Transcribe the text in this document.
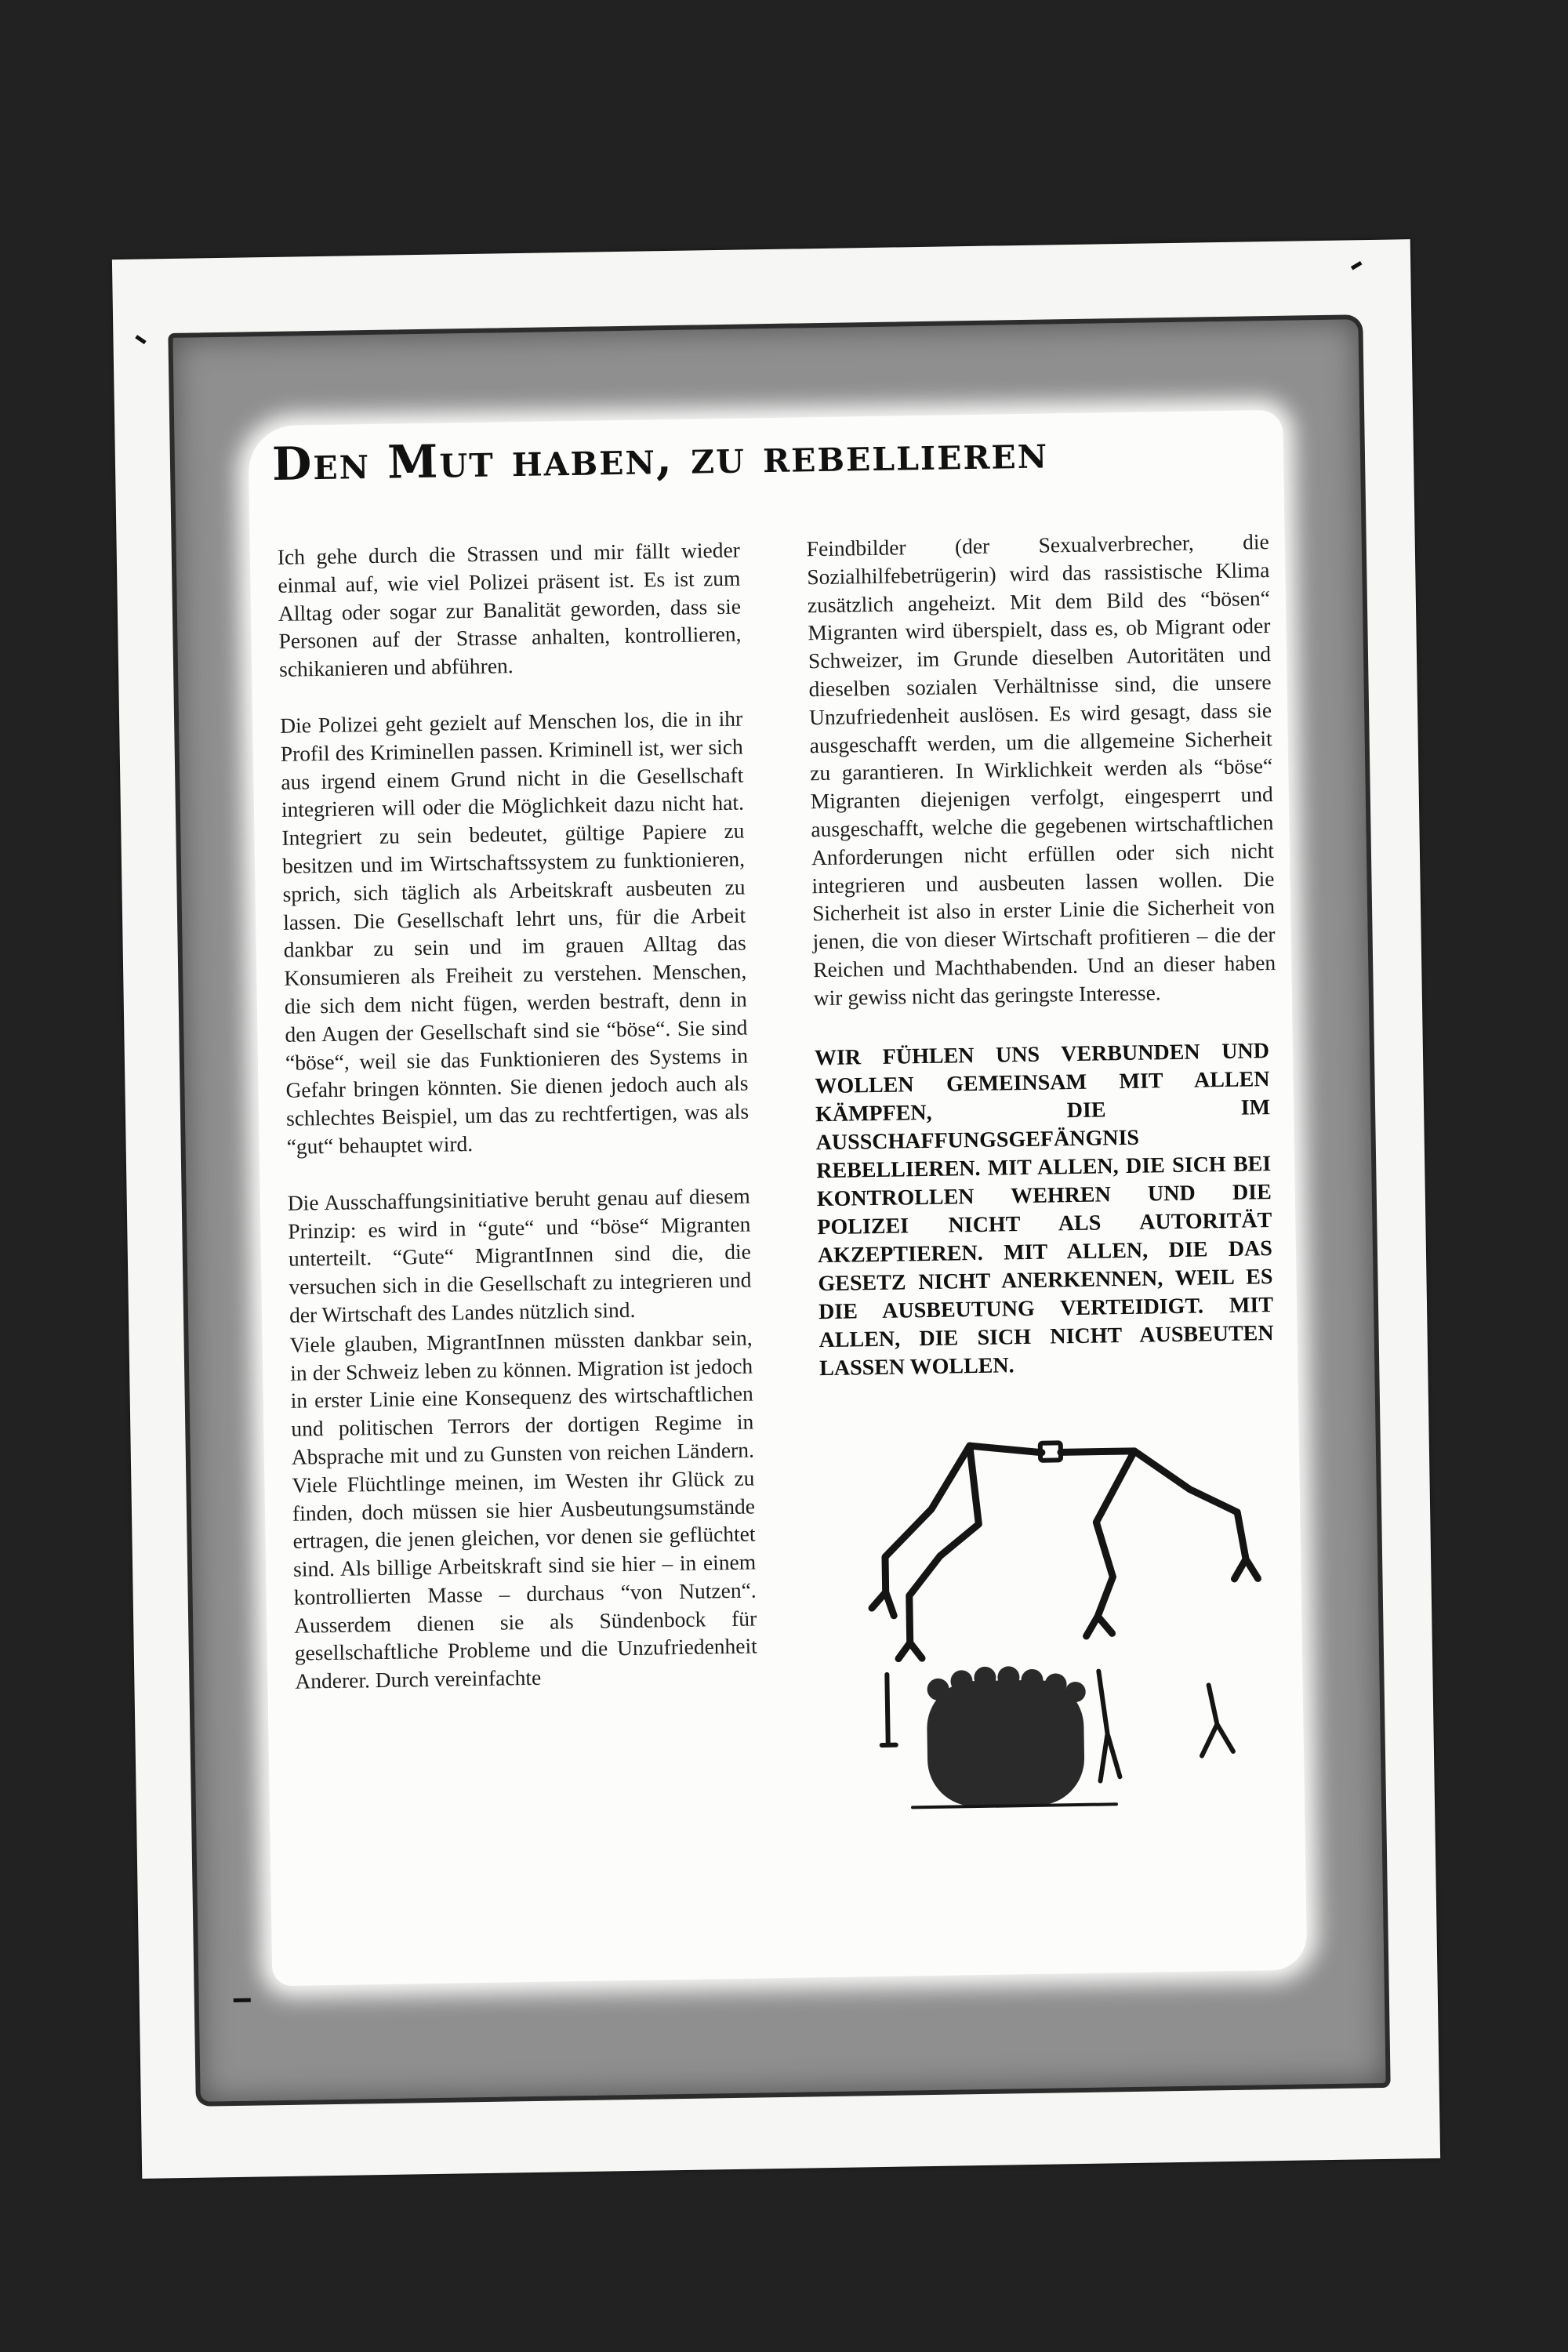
Den Mut haben, zu rebellieren

Ich gehe durch die Strassen und mir fällt wieder einmal auf, wie viel Polizei präsent ist. Es ist zum Alltag oder sogar zur Banalität geworden, dass sie Personen auf der Strasse anhalten, kontrollieren, schikanieren und abführen.

Die Polizei geht gezielt auf Menschen los, die in ihr Profil des Kriminellen passen. Kriminell ist, wer sich aus irgend einem Grund nicht in die Gesellschaft integrieren will oder die Möglichkeit dazu nicht hat. Integriert zu sein bedeutet, gültige Papiere zu besitzen und im Wirtschaftssystem zu funktionieren, sprich, sich täglich als Arbeitskraft ausbeuten zu lassen. Die Gesellschaft lehrt uns, für die Arbeit dankbar zu sein und im grauen Alltag das Konsumieren als Freiheit zu verstehen. Menschen, die sich dem nicht fügen, werden bestraft, denn in den Augen der Gesellschaft sind sie “böse“. Sie sind “böse“, weil sie das Funktionieren des Systems in Gefahr bringen könnten. Sie dienen jedoch auch als schlechtes Beispiel, um das zu rechtfertigen, was als “gut“ behauptet wird.

Die Ausschaffungsinitiative beruht genau auf diesem Prinzip: es wird in “gute“ und “böse“ Migranten unterteilt. “Gute“ MigrantInnen sind die, die versuchen sich in die Gesellschaft zu integrieren und der Wirtschaft des Landes nützlich sind.

Viele glauben, MigrantInnen müssten dankbar sein, in der Schweiz leben zu können. Migration ist jedoch in erster Linie eine Konsequenz des wirtschaftlichen und politischen Terrors der dortigen Regime in Absprache mit und zu Gunsten von reichen Ländern. Viele Flüchtlinge meinen, im Westen ihr Glück zu finden, doch müssen sie hier Ausbeutungsumstände ertragen, die jenen gleichen, vor denen sie geflüchtet sind. Als billige Arbeitskraft sind sie hier – in einem kontrollierten Masse – durchaus “von Nutzen“. Ausserdem dienen sie als Sündenbock für gesellschaftliche Probleme und die Unzufriedenheit Anderer. Durch vereinfachte

Feindbilder (der Sexualverbrecher, die Sozialhilfebetrügerin) wird das rassistische Klima zusätzlich angeheizt. Mit dem Bild des “bösen“ Migranten wird überspielt, dass es, ob Migrant oder Schweizer, im Grunde dieselben Autoritäten und dieselben sozialen Verhältnisse sind, die unsere Unzufriedenheit auslösen. Es wird gesagt, dass sie ausgeschafft werden, um die allgemeine Sicherheit zu garantieren. In Wirklichkeit werden als “böse“ Migranten diejenigen verfolgt, eingesperrt und ausgeschafft, welche die gegebenen wirtschaftlichen Anforderungen nicht erfüllen oder sich nicht integrieren und ausbeuten lassen wollen. Die Sicherheit ist also in erster Linie die Sicherheit von jenen, die von dieser Wirtschaft profitieren – die der Reichen und Machthabenden. Und an dieser haben wir gewiss nicht das geringste Interesse.

WIR FÜHLEN UNS VERBUNDEN UND WOLLEN GEMEINSAM MIT ALLEN KÄMPFEN, DIE IM AUSSCHAFFUNGSGEFÄNGNIS REBELLIEREN. MIT ALLEN, DIE SICH BEI KONTROLLEN WEHREN UND DIE POLIZEI NICHT ALS AUTORITÄT AKZEPTIEREN. MIT ALLEN, DIE DAS GESETZ NICHT ANERKENNEN, WEIL ES DIE AUSBEUTUNG VERTEIDIGT. MIT ALLEN, DIE SICH NICHT AUSBEUTEN LASSEN WOLLEN.
